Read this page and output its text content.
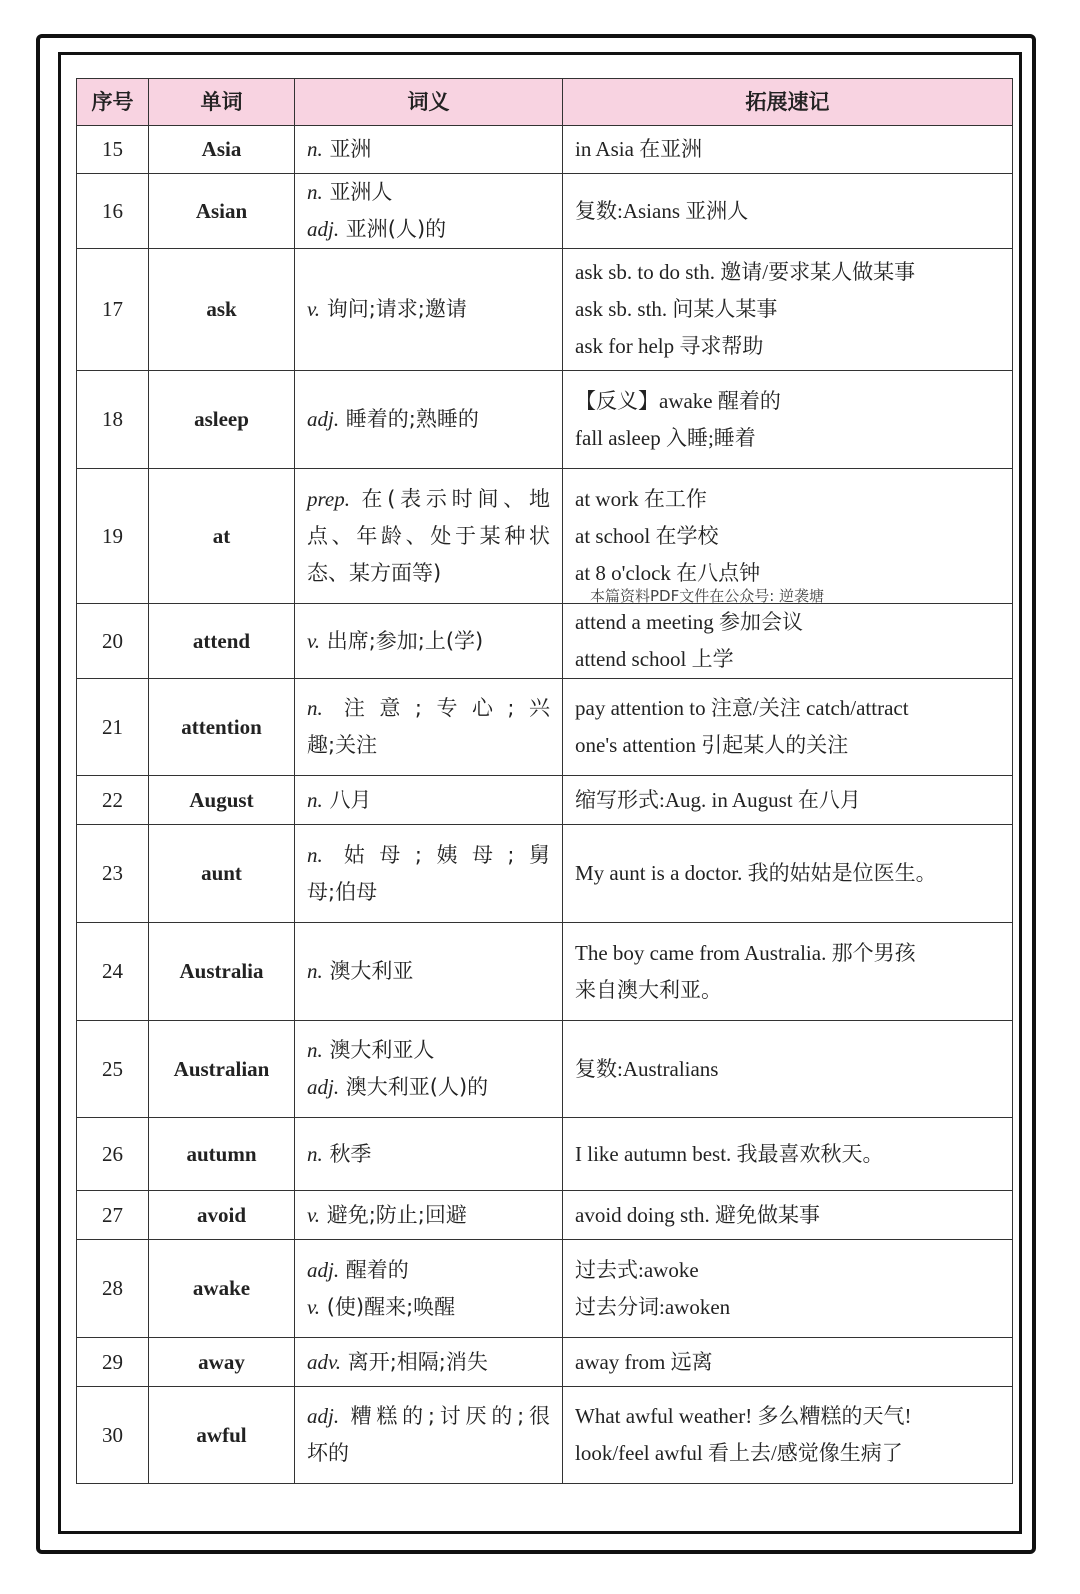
序号	单词	词义	拓展速记
15	Asia	n. 亚洲	in Asia 在亚洲

16	Asian	n. 亚洲人
adj. 亚洲(人)的	复数:Asians 亚洲人

17	ask	v. 询问;请求;邀请	ask sb. to do sth. 邀请/要求某人做某事
ask sb. sth. 问某人某事
ask for help 寻求帮助

18	asleep	adj. 睡着的;熟睡的	【反义】awake 醒着的
fall asleep 入睡;睡着

19	at	prep. 在(表示时间、地
点、年龄、处于某种状
态、某方面等)	at work 在工作
at school 在学校
at 8 o'clock 在八点钟

20	attend	v. 出席;参加;上(学)	attend a meeting 参加会议
attend school 上学

21	attention	n. 注意;专心;兴
趣;关注	pay attention to 注意/关注 catch/attract
one's attention 引起某人的关注

22	August	n. 八月	缩写形式:Aug. in August 在八月

23	aunt	n. 姑母;姨母;舅
母;伯母	My aunt is a doctor. 我的姑姑是位医生。

24	Australia	n. 澳大利亚	The boy came from Australia. 那个男孩
来自澳大利亚。

25	Australian	n. 澳大利亚人
adj. 澳大利亚(人)的	复数:Australians

26	autumn	n. 秋季	I like autumn best. 我最喜欢秋天。

27	avoid	v. 避免;防止;回避	avoid doing sth. 避免做某事

28	awake	adj. 醒着的
v. (使)醒来;唤醒	过去式:awoke
过去分词:awoken

29	away	adv. 离开;相隔;消失	away from 远离

30	awful	adj. 糟糕的;讨厌的;很
坏的	What awful weather! 多么糟糕的天气!
look/feel awful 看上去/感觉像生病了
本篇资料PDF文件在公众号: 逆袭塘
